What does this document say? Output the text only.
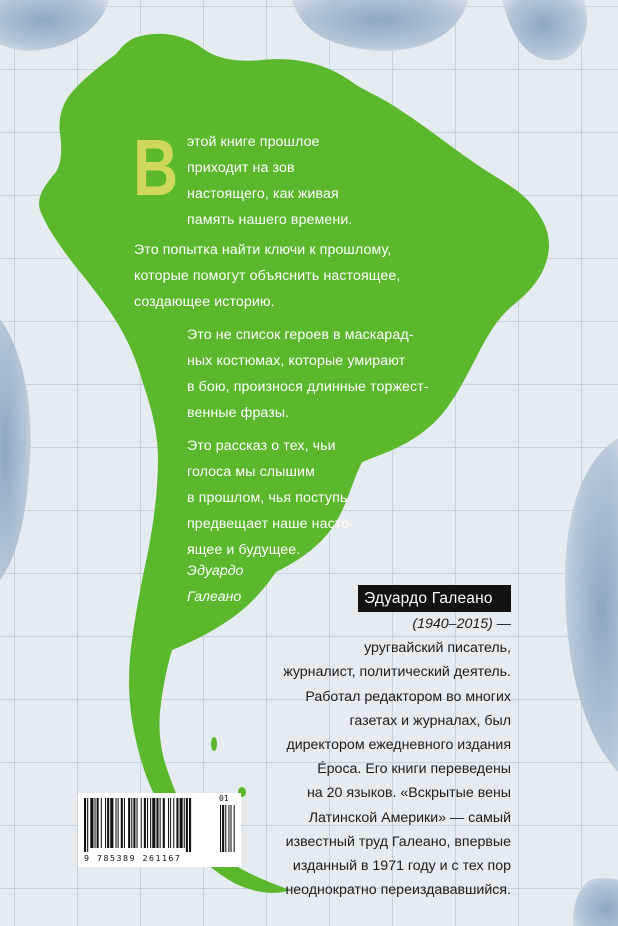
В этой книге прошлое
приходит на зов
настоящего, как живая
память нашего времени.

Это попытка найти ключи к прошлому,
которые помогут объяснить настоящее,
создающее историю.

Это не список героев в маскарад-
ных костюмах, которые умирают
в бою, произнося длинные торжест-
венные фразы.

Это рассказ о тех, чьи
голоса мы слышим
в прошлом, чья поступь
предвещает наше насто-
ящее и будущее.

Эдуардо
Галеано	Эдуардо Галеано
(1940–2015) —
уругвайский писатель,
журналист, политический деятель.
Работал редактором во многих
газетах и журналах, был
директором ежедневного издания
Éроса. Его книги переведены
на 20 языков. «Вскрытые вены
Латинской Америки» — самый
известный труд Галеано, впервые
изданный в 1971 году и с тех пор
неоднократно переиздававшийся.
9 785389 261167
01
